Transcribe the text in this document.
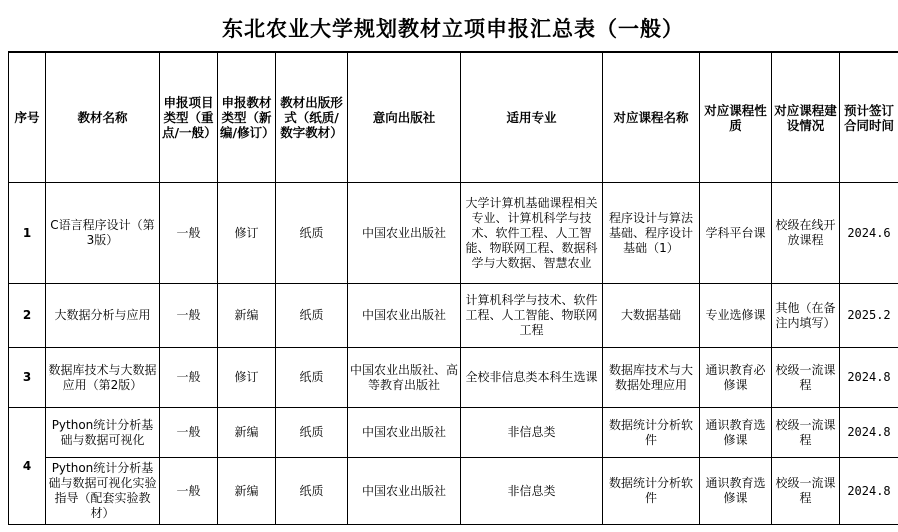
东北农业大学规划教材立项申报汇总表（一般）
序号	教材名称	申报项目类型（重点/一般）	申报教材类型（新编/修订）	教材出版形式（纸质/数字教材）	意向出版社	适用专业	对应课程名称	对应课程性质	对应课程建设情况	预计签订合同时间
1	C语言程序设计（第3版）	一般	修订	纸质	中国农业出版社	大学计算机基础课程相关专业、计算机科学与技术、软件工程、人工智能、物联网工程、数据科学与大数据、智慧农业	程序设计与算法基础、程序设计基础（1）	学科平台课	校级在线开放课程	2024.6
2	大数据分析与应用	一般	新编	纸质	中国农业出版社	计算机科学与技术、软件工程、人工智能、物联网工程	大数据基础	专业选修课	其他（在备注内填写）	2025.2
3	数据库技术与大数据应用（第2版）	一般	修订	纸质	中国农业出版社、高等教育出版社	全校非信息类本科生选课	数据库技术与大数据处理应用	通识教育必修课	校级一流课程	2024.8
4	Python统计分析基础与数据可视化	一般	新编	纸质	中国农业出版社	非信息类	数据统计分析软件	通识教育选修课	校级一流课程	2024.8
	Python统计分析基础与数据可视化实验指导（配套实验教材）	一般	新编	纸质	中国农业出版社	非信息类	数据统计分析软件	通识教育选修课	校级一流课程	2024.8
